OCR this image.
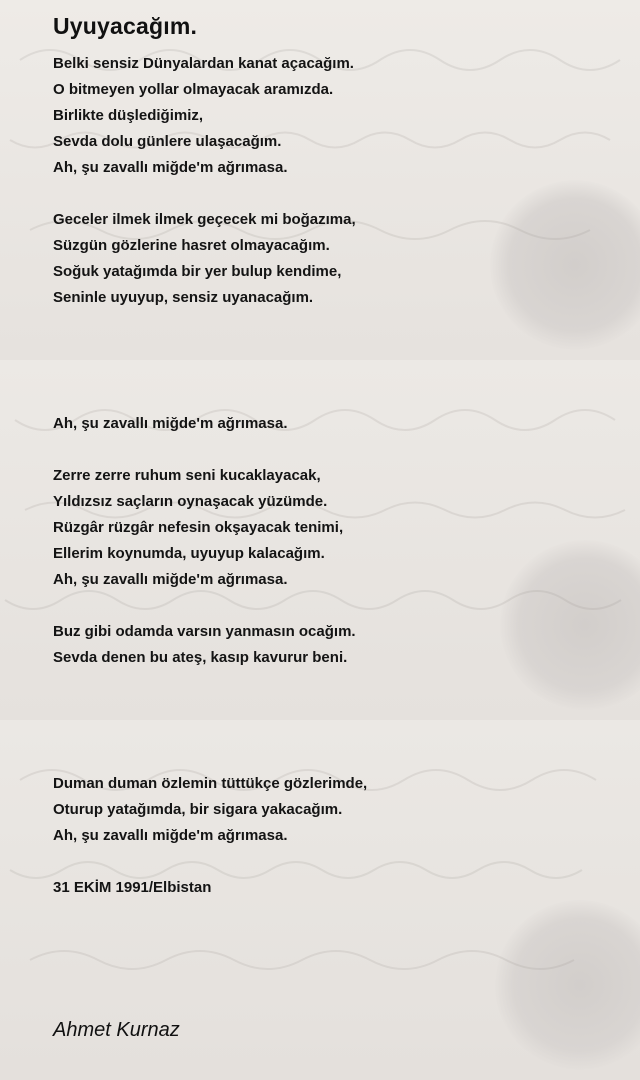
Uyuyacağım.
Belki sensiz Dünyalardan kanat açacağım.
O bitmeyen yollar olmayacak aramızda.
Birlikte düşlediğimiz,
Sevda dolu günlere ulaşacağım.
Ah, şu zavallı miğde'm ağrımasa.
Geceler ilmek ilmek geçecek mi boğazıma,
Süzgün gözlerine hasret olmayacağım.
Soğuk yatağımda bir yer bulup kendime,
Seninle uyuyup, sensiz uyanacağım.
Ah, şu zavallı miğde'm ağrımasa.
Zerre zerre ruhum seni kucaklayacak,
Yıldızsız saçların oynaşacak yüzümde.
Rüzgâr rüzgâr nefesin okşayacak tenimi,
Ellerim koynumda, uyuyup kalacağım.
Ah, şu zavallı miğde'm ağrımasa.
Buz gibi odamda varsın yanmasın ocağım.
Sevda denen bu ateş, kasıp kavurur beni.
Duman duman özlemin tüttükçe gözlerimde,
Oturup yatağımda, bir sigara yakacağım.
Ah, şu zavallı miğde'm ağrımasa.
31 EKİM 1991/Elbistan

Ahmet Kurnaz
